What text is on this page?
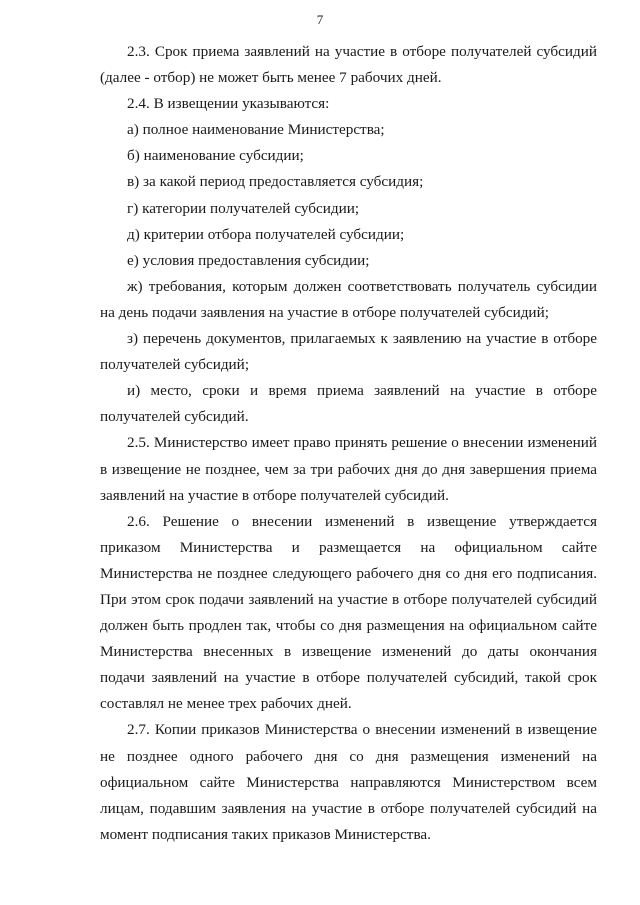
7

2.3. Срок приема заявлений на участие в отборе получателей субсидий (далее - отбор) не может быть менее 7 рабочих дней.

2.4. В извещении указываются:

а) полное наименование Министерства;

б) наименование субсидии;

в) за какой период предоставляется субсидия;

г) категории получателей субсидии;

д) критерии отбора получателей субсидии;

е) условия предоставления субсидии;

ж) требования, которым должен соответствовать получатель субсидии на день подачи заявления на участие в отборе получателей субсидий;

з) перечень документов, прилагаемых к заявлению на участие в отборе получателей субсидий;

и) место, сроки и время приема заявлений на участие в отборе получателей субсидий.

2.5. Министерство имеет право принять решение о внесении изменений в извещение не позднее, чем за три рабочих дня до дня завершения приема заявлений на участие в отборе получателей субсидий.

2.6. Решение о внесении изменений в извещение утверждается приказом Министерства и размещается на официальном сайте Министерства не позднее следующего рабочего дня со дня его подписания. При этом срок подачи заявлений на участие в отборе получателей субсидий должен быть продлен так, чтобы со дня размещения на официальном сайте Министерства внесенных в извещение изменений до даты окончания подачи заявлений на участие в отборе получателей субсидий, такой срок составлял не менее трех рабочих дней.

2.7. Копии приказов Министерства о внесении изменений в извещение не позднее одного рабочего дня со дня размещения изменений на официальном сайте Министерства направляются Министерством всем лицам, подавшим заявления на участие в отборе получателей субсидий на момент подписания таких приказов Министерства.
